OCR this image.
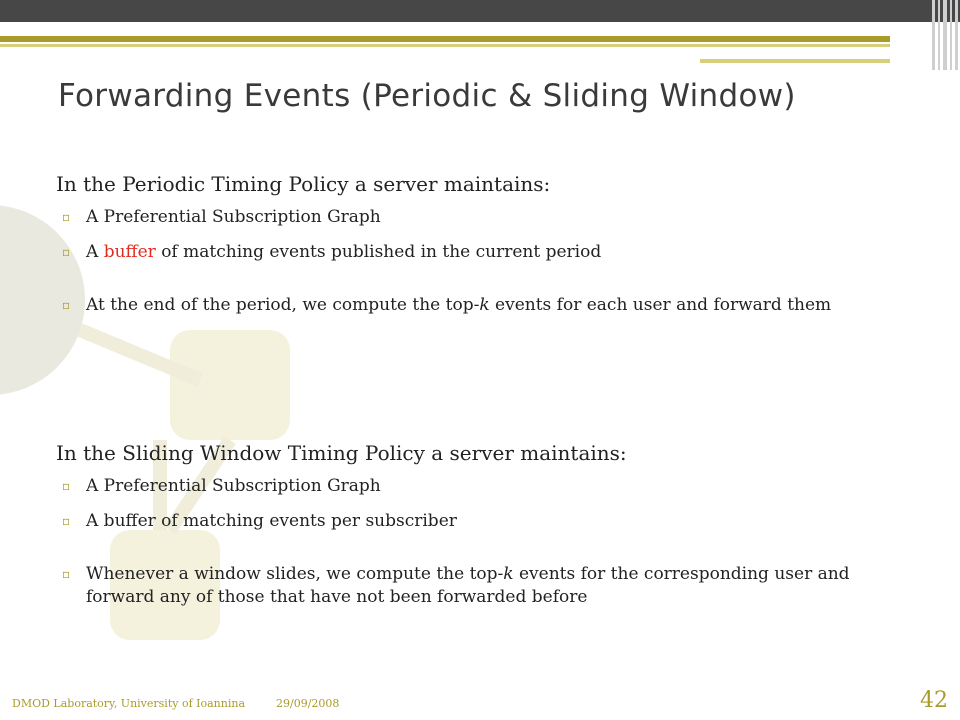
Forwarding Events (Periodic & Sliding Window)

In the Periodic Timing Policy a server maintains:

▫ A Preferential Subscription Graph
▫ A buffer of matching events published in the current period
▫ At the end of the period, we compute the top-k events for each user and forward them

In the Sliding Window Timing Policy a server maintains:

▫ A Preferential Subscription Graph
▫ A buffer of matching events per subscriber
▫ Whenever a window slides, we compute the top-k events for the corresponding user and forward any of those that have not been forwarded before
DMOD Laboratory, University of Ioannina	29/09/2008	42
